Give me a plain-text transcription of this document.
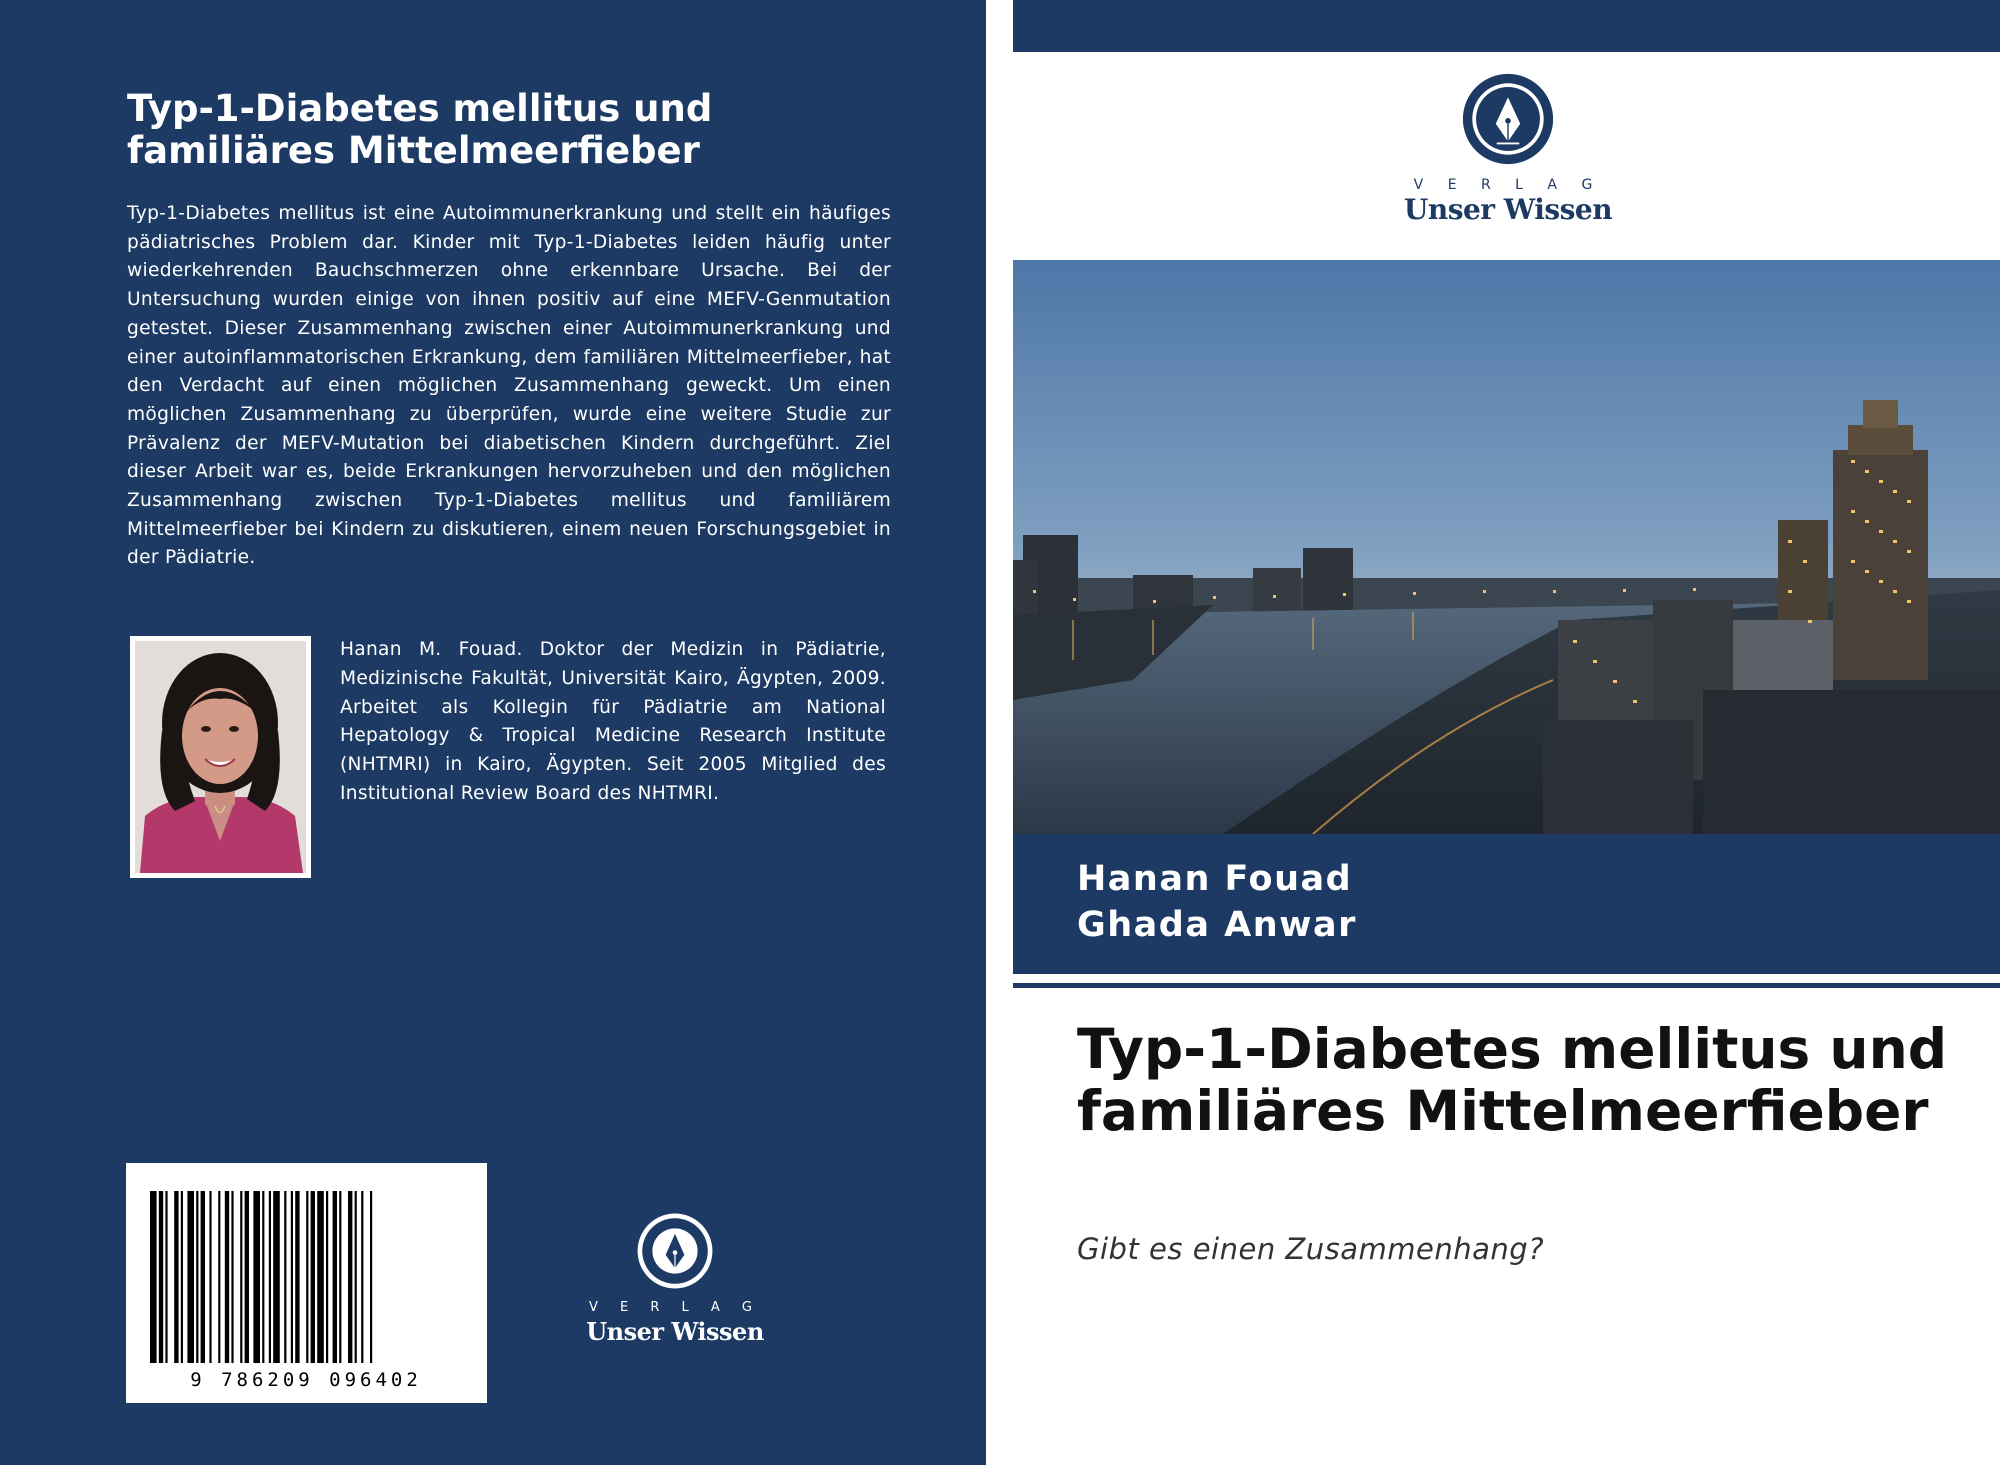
Typ-1-Diabetes mellitus und familiäres Mittelmeerfieber
Typ-1-Diabetes mellitus ist eine Autoimmunerkrankung und stellt ein häufiges pädiatrisches Problem dar. Kinder mit Typ-1-Diabetes leiden häufig unter wiederkehrenden Bauchschmerzen ohne erkennbare Ursache. Bei der Untersuchung wurden einige von ihnen positiv auf eine MEFV-Genmutation getestet. Dieser Zusammenhang zwischen einer Autoimmunerkrankung und einer autoinflammatorischen Erkrankung, dem familiären Mittelmeerfieber, hat den Verdacht auf einen möglichen Zusammenhang geweckt. Um einen möglichen Zusammenhang zu überprüfen, wurde eine weitere Studie zur Prävalenz der MEFV-Mutation bei diabetischen Kindern durchgeführt. Ziel dieser Arbeit war es, beide Erkrankungen hervorzuheben und den möglichen Zusammenhang zwischen Typ-1-Diabetes mellitus und familiärem Mittelmeerfieber bei Kindern zu diskutieren, einem neuen Forschungsgebiet in der Pädiatrie.
Hanan M. Fouad. Doktor der Medizin in Pädiatrie, Medizinische Fakultät, Universität Kairo, Ägypten, 2009. Arbeitet als Kollegin für Pädiatrie am National Hepatology & Tropical Medicine Research Institute (NHTMRI) in Kairo, Ägypten. Seit 2005 Mitglied des Institutional Review Board des NHTMRI.
9 786209 096402
V E R L A G
Unser Wissen
V E R L A G
Unser Wissen
Hanan Fouad
Ghada Anwar
Typ-1-Diabetes mellitus und familiäres Mittelmeerfieber
Gibt es einen Zusammenhang?
